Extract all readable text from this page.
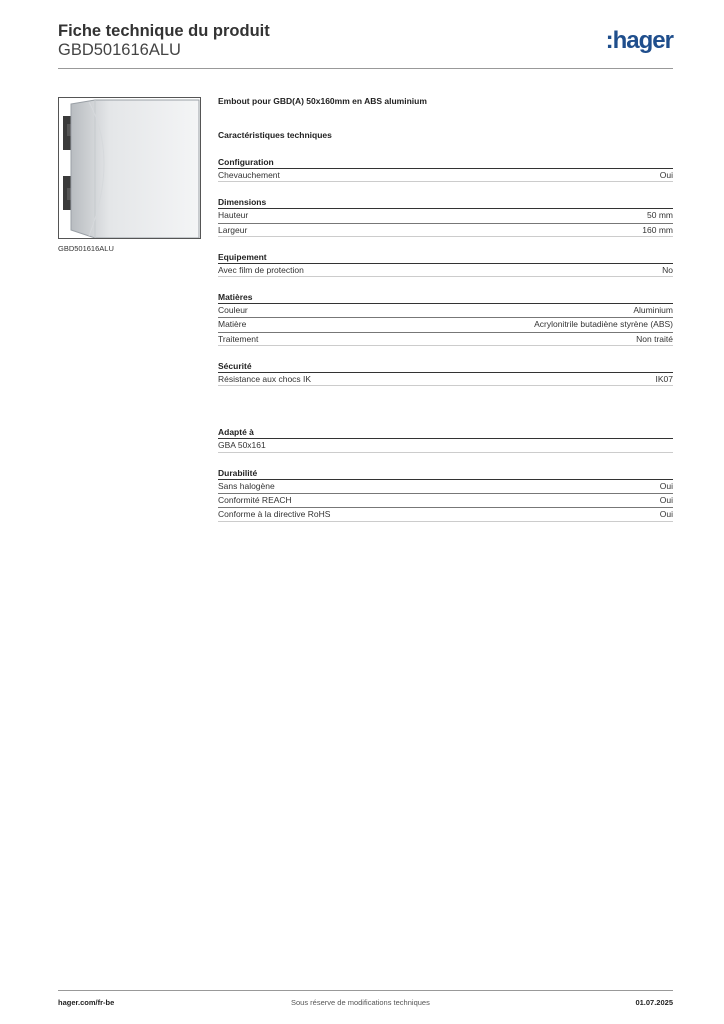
Fiche technique du produit
GBD501616ALU	:hager
GBD501616ALU
Embout pour GBD(A) 50x160mm en ABS aluminium
Caractéristiques techniques
Configuration
Chevauchement	Oui
Dimensions
Hauteur	50 mm
Largeur	160 mm
Equipement
Avec film de protection	No
Matières
Couleur	Aluminium
Matière	Acrylonitrile butadiène styrène (ABS)
Traitement	Non traité
Sécurité
Résistance aux chocs IK	IK07
Adapté à
GBA 50x161
Durabilité
Sans halogène	Oui
Conformité REACH	Oui
Conforme à la directive RoHS	Oui
hager.com/fr-be	Sous réserve de modifications techniques	01.07.2025
